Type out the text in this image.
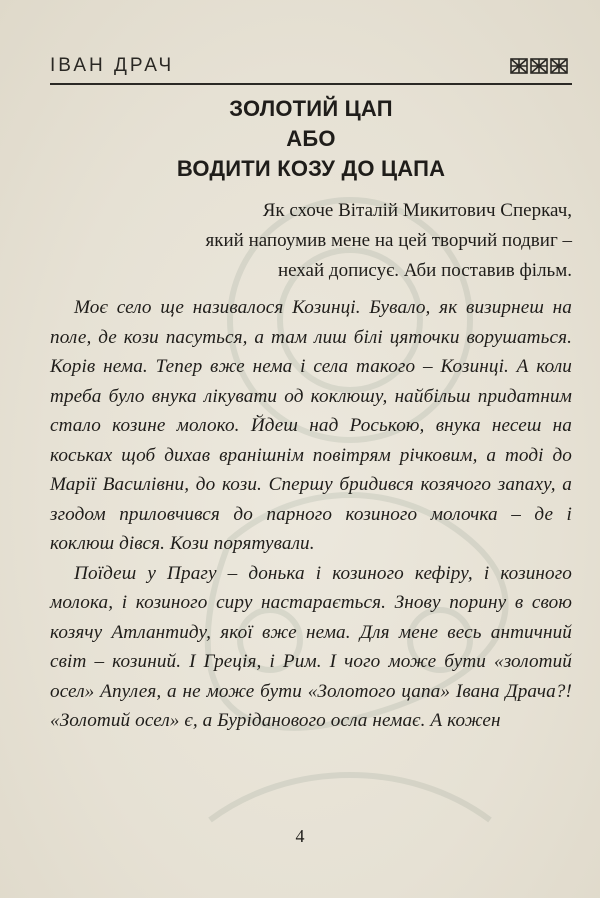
ІВАН ДРАЧ
ЗОЛОТИЙ ЦАП
АБО
ВОДИТИ КОЗУ ДО ЦАПА
Як схоче Віталій Микитович Сперкач,
який напоумив мене на цей творчий подвиг –
нехай дописує. Аби поставив фільм.

Моє село ще називалося Козинці. Бувало, як визирнеш на поле, де кози пасуться, а там лиш білі цяточки ворушаться. Корів нема. Тепер вже нема і села такого – Козинці. А коли треба було внука лікувати од коклюшу, найбільш придатним стало козине молоко. Йдеш над Роською, внука несеш на коськах щоб дихав вранішнім повітрям річковим, а тоді до Марії Василівни, до кози. Спершу бридився козячого запаху, а згодом приловчився до парного козиного молочка – де і коклюш дівся. Кози порятували.

Поїдеш у Прагу – донька і козиного кефіру, і козиного молока, і козиного сиру настарається. Знову порину в свою козячу Атлантиду, якої вже нема. Для мене весь античний світ – козиний. І Греція, і Рим. І чого може бути «золотий осел» Апулея, а не може бути «Золотого цапа» Івана Драча?! «Золотий осел» є, а Буріданового осла немає. А кожен

4
